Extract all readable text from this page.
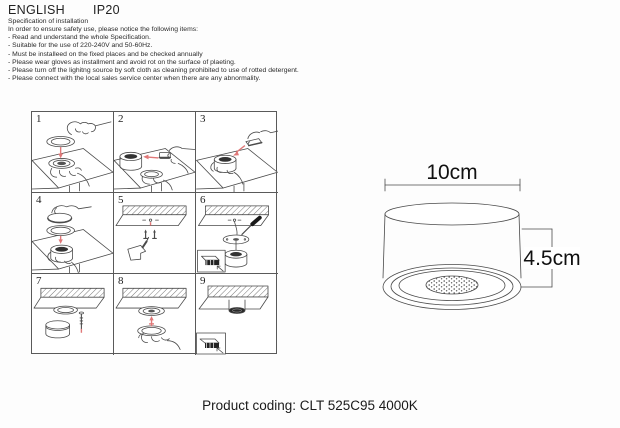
ENGLISH IP20
Specification of installation
In order to ensure safety use, please notice the following items:
- Read and understand the whole Specification.
- Suitable for the use of 220-240V and 50-60Hz.
- Must be installeed on the fixed places and be checked annually
- Please wear gloves as installment and avoid rot on the surface of plaeting.
- Please turn off the lighitng source by soft cloth as cleaning prohibited to use of rotted detergent.
- Please connect with the local sales service center when there are any abnormality.
1	2	3
4	5	6
7	8	9
10cm
4.5cm
Product coding: CLT 525C95 4000K
